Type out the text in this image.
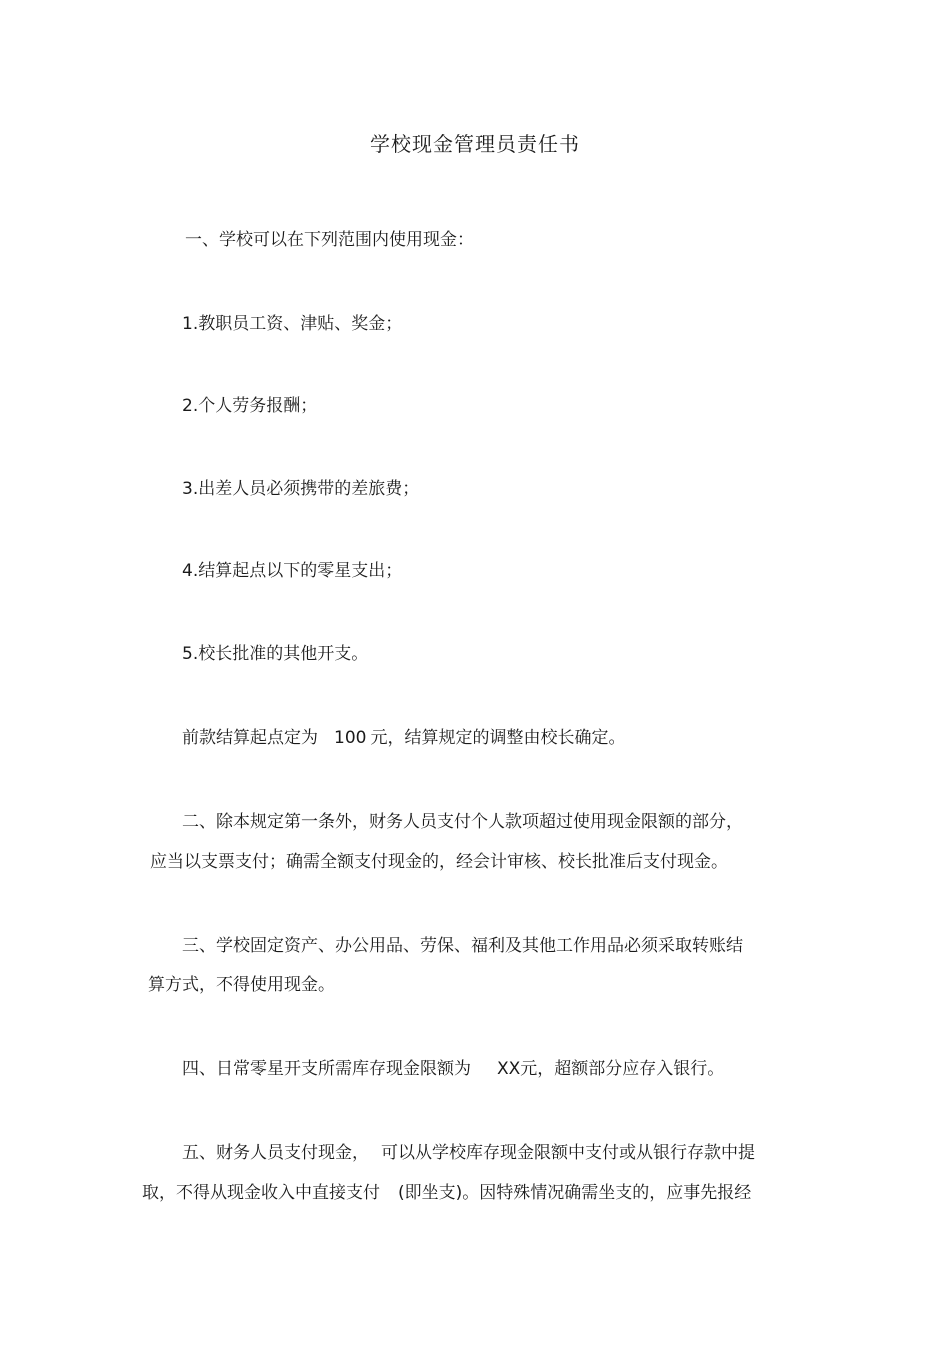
学校现金管理员责任书

一、学校可以在下列范围内使用现金：

1.教职员工资、津贴、奖金；

2.个人劳务报酬；

3.出差人员必须携带的差旅费；

4.结算起点以下的零星支出；

5.校长批准的其他开支。

前款结算起点定为 100 元，结算规定的调整由校长确定。

二、除本规定第一条外，财务人员支付个人款项超过使用现金限额的部分，

应当以支票支付；确需全额支付现金的，经会计审核、校长批准后支付现金。

三、学校固定资产、办公用品、劳保、福利及其他工作用品必须采取转账结

算方式，不得使用现金。

四、日常零星开支所需库存现金限额为 XX元，超额部分应存入银行。

五、财务人员支付现金， 可以从学校库存现金限额中支付或从银行存款中提

取，不得从现金收入中直接支付 (即坐支)。因特殊情况确需坐支的，应事先报经
